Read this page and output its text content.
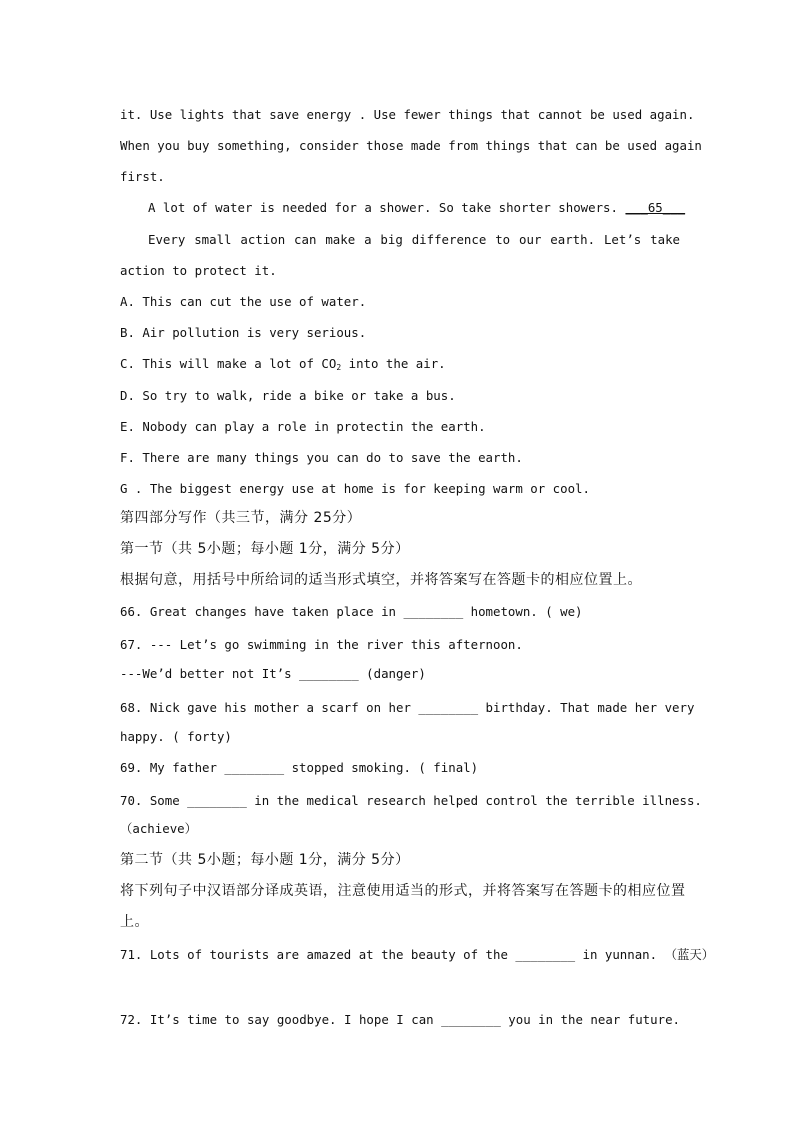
it. Use lights that save energy . Use fewer things that cannot be used again.
When you buy something, consider those made from things that can be used again
first.
A lot of water is needed for a shower. So take shorter showers. ___65___
Every small action can make a big difference to our earth. Let’s take
action to protect it.
A. This can cut the use of water.
B. Air pollution is very serious.
C. This will make a lot of $CO_2$ into the air.
D. So try to walk, ride a bike or take a bus.
E. Nobody can play a role in protectin the earth.
F. There are many things you can do to save the earth.
G . The biggest energy use at home is for keeping warm or cool.
第四部分写作（共三节，满分 25分）
第一节（共 5小题；每小题 1分，满分 5分）
根据句意，用括号中所给词的适当形式填空，并将答案写在答题卡的相应位置上。
66. Great changes have taken place in ________ hometown. ( we)
67. --- Let’s go swimming in the river this afternoon.
---We’d better not It’s ________ (danger)
68. Nick gave his mother a scarf on her ________ birthday. That made her very
happy. ( forty)
69. My father ________ stopped smoking. ( final)
70. Some ________ in the medical research helped control the terrible illness.
（achieve）
第二节（共 5小题；每小题 1分，满分 5分）
将下列句子中汉语部分译成英语，注意使用适当的形式，并将答案写在答题卡的相应位置
上。
71. Lots of tourists are amazed at the beauty of the ________ in yunnan. （蓝天）
72. It’s time to say goodbye. I hope I can ________ you in the near future.
